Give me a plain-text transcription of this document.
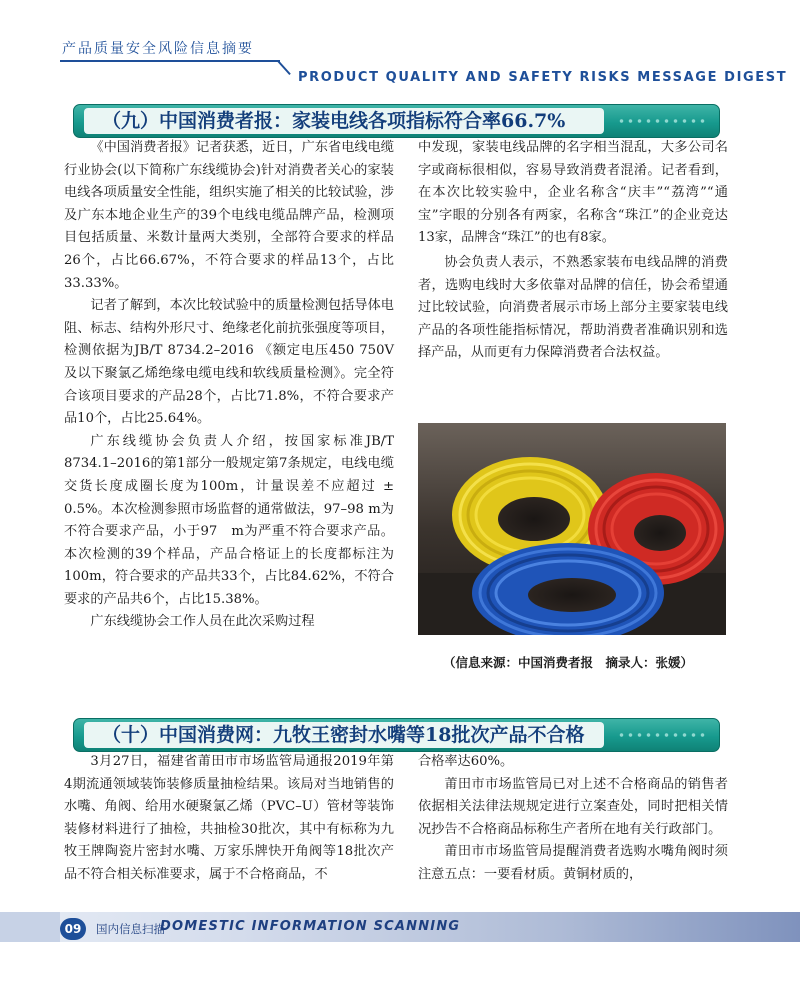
产品质量安全风险信息摘要
PRODUCT QUALITY AND SAFETY RISKS MESSAGE DIGEST
（九）中国消费者报：家装电线各项指标符合率66.7%

《中国消费者报》记者获悉，近日，广东省电线电缆行业协会(以下简称广东线缆协会)针对消费者关心的家装电线各项质量安全性能，组织实施了相关的比较试验，涉及广东本地企业生产的39个电线电缆品牌产品，检测项目包括质量、米数计量两大类别，全部符合要求的样品26个，占比66.67%，不符合要求的样品13个，占比33.33%。

记者了解到，本次比较试验中的质量检测包括导体电阻、标志、结构外形尺寸、绝缘老化前抗张强度等项目，检测依据为JB/T 8734.2–2016 《额定电压450 750V及以下聚氯乙烯绝缘电缆电线和软线质量检测》。完全符合该项目要求的产品28个，占比71.8%，不符合要求产品10个，占比25.64%。

广东线缆协会负责人介绍，按国家标准JB/T　8734.1–2016的第1部分一般规定第7条规定，电线电缆交货长度成圈长度为100m，计量误差不应超过 ± 0.5%。本次检测参照市场监督的通常做法，97–98 m为不符合要求产品，小于97　m为严重不符合要求产品。本次检测的39个样品，产品合格证上的长度都标注为100m，符合要求的产品共33个，占比84.62%，不符合要求的产品共6个，占比15.38%。

广东线缆协会工作人员在此次采购过程

中发现，家装电线品牌的名字相当混乱，大多公司名字或商标很相似，容易导致消费者混淆。记者看到，在本次比较实验中，企业名称含“庆丰”“荔湾”“通宝”字眼的分别各有两家，名称含“珠江”的企业竞达13家，品牌含“珠江”的也有8家。

协会负责人表示，不熟悉家装布电线品牌的消费者，选购电线时大多依靠对品牌的信任，协会希望通过比较试验，向消费者展示市场上部分主要家装电线产品的各项性能指标情况，帮助消费者准确识别和选择产品，从而更有力保障消费者合法权益。

（信息来源：中国消费者报　摘录人：张媛）
（十）中国消费网：九牧王密封水嘴等18批次产品不合格

3月27日，福建省莆田市市场监管局通报2019年第4期流通领域装饰装修质量抽检结果。该局对当地销售的水嘴、角阀、给用水硬聚氯乙烯（PVC–U）管材等装饰装修材料进行了抽检，共抽检30批次，其中有标称为九牧王牌陶瓷片密封水嘴、万家乐牌快开角阀等18批次产品不符合相关标准要求，属于不合格商品，不

合格率达60%。

莆田市市场监管局已对上述不合格商品的销售者依据相关法律法规规定进行立案查处，同时把相关情况抄告不合格商品标称生产者所在地有关行政部门。

莆田市市场监管局提醒消费者选购水嘴角阀时须注意五点：一要看材质。黄铜材质的，

09	国内信息扫描
DOMESTIC INFORMATION SCANNING
